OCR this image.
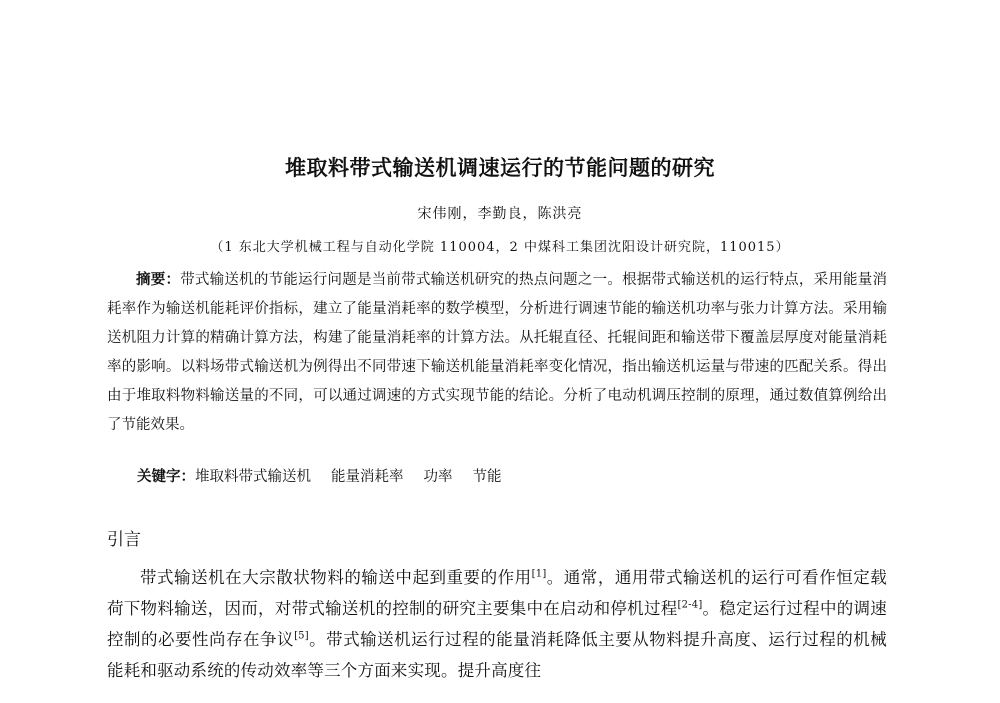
堆取料带式输送机调速运行的节能问题的研究
宋伟刚，李勤良，陈洪亮
（1 东北大学机械工程与自动化学院 110004，2 中煤科工集团沈阳设计研究院，110015）

摘要：带式输送机的节能运行问题是当前带式输送机研究的热点问题之一。根据带式输送机的运行特点，采用能量消耗率作为输送机能耗评价指标，建立了能量消耗率的数学模型，分析进行调速节能的输送机功率与张力计算方法。采用输送机阻力计算的精确计算方法，构建了能量消耗率的计算方法。从托辊直径、托辊间距和输送带下覆盖层厚度对能量消耗率的影响。以料场带式输送机为例得出不同带速下输送机能量消耗率变化情况，指出输送机运量与带速的匹配关系。得出由于堆取料物料输送量的不同，可以通过调速的方式实现节能的结论。分析了电动机调压控制的原理，通过数值算例给出了节能效果。

关键字：堆取料带式输送机 能量消耗率 功率 节能

引言

带式输送机在大宗散状物料的输送中起到重要的作用[1]。通常，通用带式输送机的运行可看作恒定载荷下物料输送，因而，对带式输送机的控制的研究主要集中在启动和停机过程[2-4]。稳定运行过程中的调速控制的必要性尚存在争议[5]。带式输送机运行过程的能量消耗降低主要从物料提升高度、运行过程的机械能耗和驱动系统的传动效率等三个方面来实现。提升高度往
